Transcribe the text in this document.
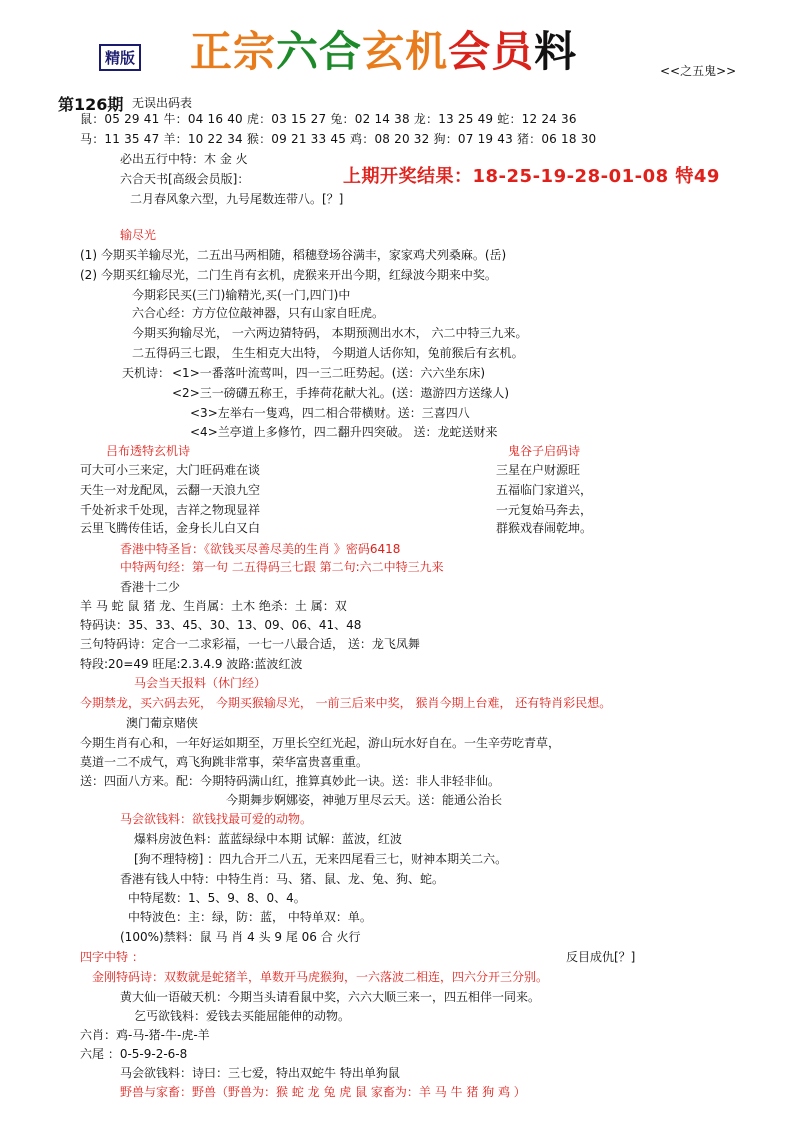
精版 正宗六合玄机会员料	<<之五鬼>>
第126期 无误出码表
鼠：05 29 41 牛：04 16 40 虎：03 15 27 兔：02 14 38 龙：13 25 49 蛇：12 24 36
马：11 35 47 羊：10 22 34 猴：09 21 33 45 鸡：08 20 32 狗：07 19 43 猪：06 18 30
必出五行中特：木 金 火
六合天书[高级会员版]：	上期开奖结果：18-25-19-28-01-08 特49
二月春风象六型，九号尾数连带八。[？]
输尽光
(1) 今期买羊输尽光，二五出马两相随，稻穗登场谷满丰，家家鸡犬列桑麻。(岳)
(2) 今期买红输尽光，二门生肖有玄机，虎猴来开出今期，红绿波今期来中奖。
今期彩民买(三门)输精光,买(一门,四门)中
六合心经：方方位位敲神器，只有山家自旺虎。
今期买狗输尽光， 一六两边猜特码， 本期预测出水木， 六二中特三九来。
二五得码三七跟， 生生相克大出特， 今期道人话你知，兔前猴后有玄机。
天机诗： <1>一番落叶流莺叫，四一三二旺势起。(送：六六坐东床)
<2>三一磅礴五称王，手捧荷花献大礼。(送：遨游四方送缘人)
<3>左举右一隻鸡，四二相合带横财。送：三喜四八
<4>兰亭道上多修竹，四二翻升四突破。 送：龙蛇送财来
吕布透特玄机诗	鬼谷子启码诗
可大可小三来定，大门旺码难在谈
天生一对龙配凤，云翻一天浪九空
千处祈求千处现，吉祥之物现显祥
云里飞腾传佳话，金身长儿白又白
三星在户财源旺
五福临门家道兴，
一元复始马奔去，
群猴戏春闹乾坤。
香港中特圣旨：《欲钱买尽善尽美的生肖 》密码6418
中特两句经：第一句 二五得码三七跟 第二句:六二中特三九来
香港十二少
羊 马 蛇 鼠 猪 龙、生肖属：土木 绝杀：土 属：双
特码诀：35、33、45、30、13、09、06、41、48
三句特码诗：定合一二求彩福，一七一八最合适， 送：龙飞凤舞
特段:20=49 旺尾:2.3.4.9 波路:蓝波红波
马会当天报料（休门经）
今期禁龙，买六码去死， 今期买猴输尽光， 一前三后来中奖， 猴肖今期上台难， 还有特肖彩民想。
澳门葡京赌侠
今期生肖有心和，一年好运如期至，万里长空红光起，游山玩水好自在。一生辛劳吃青草，
莫道一二不成气，鸡飞狗跳非常事，荣华富贵喜重重。
送：四面八方来。配：今期特码满山红，推算真妙此一诀。送：非人非轻非仙。
今期舞步婀娜姿，神驰万里尽云天。送：能通公治长
马会欲钱料：欲钱找最可爱的动物。
爆料房波色料：蓝蓝绿绿中本期 试解：蓝波，红波
[狗不理特榜] ：四九合开二八五，无来四尾看三七，财神本期关二六。
香港有钱人中特：中特生肖：马、猪、鼠、龙、兔、狗、蛇。
中特尾数：1、5、9、8、0、4。
中特波色：主：绿，防：蓝， 中特单双：单。
(100%)禁料：鼠 马 肖 4 头 9 尾 06 合 火行
四字中特 ：	反目成仇[？]
金刚特码诗：双数就是蛇猪羊，单数开马虎猴狗，一六落波二相连，四六分开三分别。
黄大仙一语破天机：今期当头请看鼠中奖，六六大顺三来一，四五相伴一同来。
乞丐欲钱料：爱钱去买能屈能伸的动物。
六肖：鸡-马-猪-牛-虎-羊
六尾 ：0-5-9-2-6-8
马会欲钱料：诗曰：三七爱，特出双蛇牛 特出单狗鼠
野兽与家畜：野兽（野兽为：猴 蛇 龙 兔 虎 鼠 家畜为：羊 马 牛 猪 狗 鸡 ）
